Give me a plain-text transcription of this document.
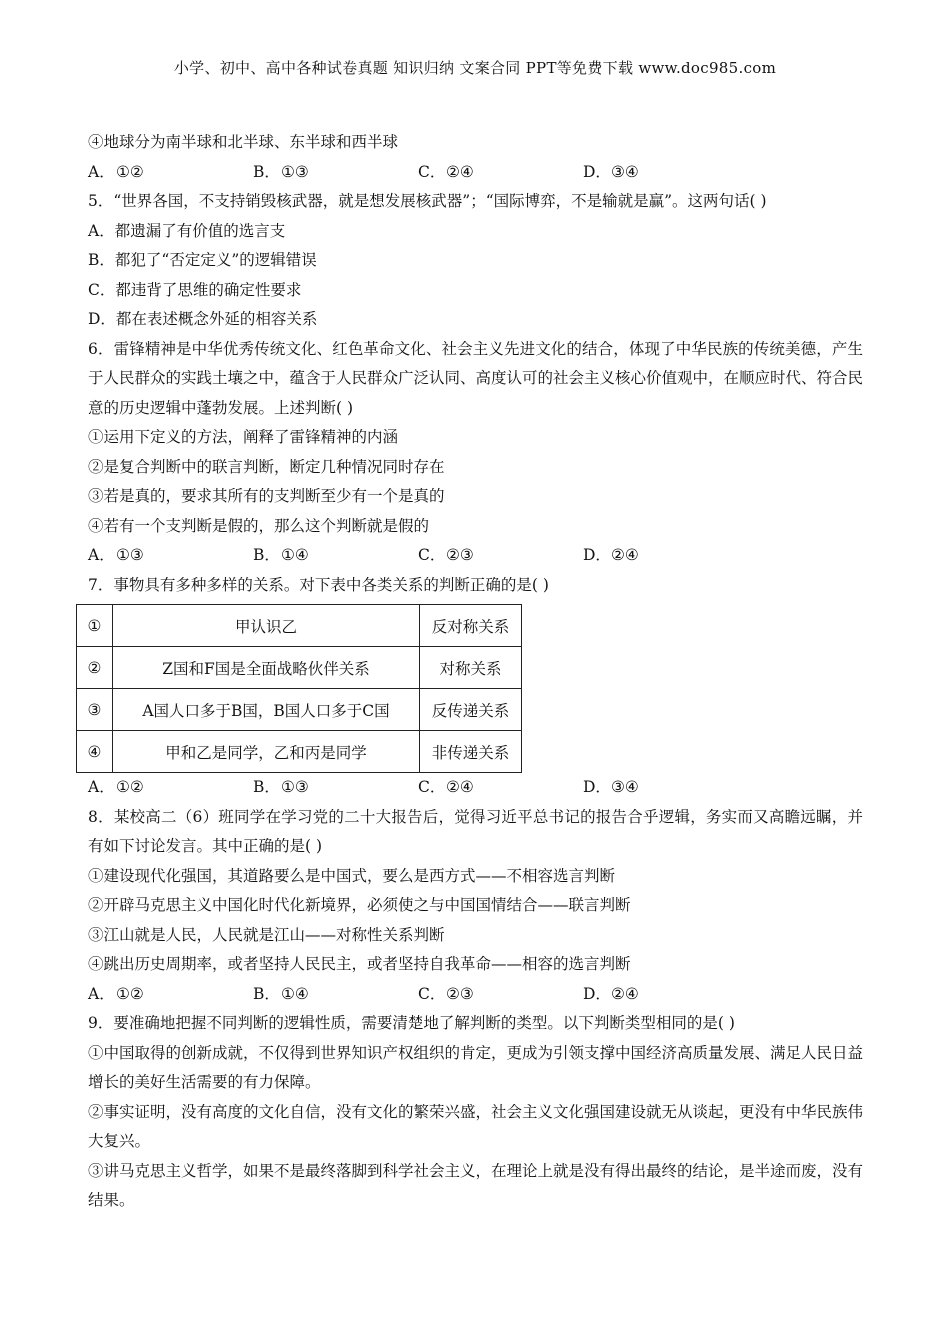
小学、初中、高中各种试卷真题 知识归纳 文案合同 PPT等免费下载 www.doc985.com
④地球分为南半球和北半球、东半球和西半球
A．①②	B．①③	C．②④	D．③④
5．“世界各国，不支持销毁核武器，就是想发展核武器”；“国际博弈，不是输就是赢”。这两句话( )
A．都遗漏了有价值的选言支
B．都犯了“否定定义”的逻辑错误
C．都违背了思维的确定性要求
D．都在表述概念外延的相容关系
6．雷锋精神是中华优秀传统文化、红色革命文化、社会主义先进文化的结合，体现了中华民族的传统美德，产生于人民群众的实践土壤之中，蕴含于人民群众广泛认同、高度认可的社会主义核心价值观中，在顺应时代、符合民意的历史逻辑中蓬勃发展。上述判断( )
①运用下定义的方法，阐释了雷锋精神的内涵
②是复合判断中的联言判断，断定几种情况同时存在
③若是真的，要求其所有的支判断至少有一个是真的
④若有一个支判断是假的，那么这个判断就是假的
A．①③	B．①④	C．②③	D．②④
7．事物具有多种多样的关系。对下表中各类关系的判断正确的是( )
①	甲认识乙	反对称关系
②	Z国和F国是全面战略伙伴关系	对称关系
③	A国人口多于B国，B国人口多于C国	反传递关系
④	甲和乙是同学，乙和丙是同学	非传递关系
A．①②	B．①③	C．②④	D．③④
8．某校高二（6）班同学在学习党的二十大报告后，觉得习近平总书记的报告合乎逻辑，务实而又高瞻远瞩，并有如下讨论发言。其中正确的是( )
①建设现代化强国，其道路要么是中国式，要么是西方式——不相容选言判断
②开辟马克思主义中国化时代化新境界，必须使之与中国国情结合——联言判断
③江山就是人民，人民就是江山——对称性关系判断
④跳出历史周期率，或者坚持人民民主，或者坚持自我革命——相容的选言判断
A．①②	B．①④	C．②③	D．②④
9．要准确地把握不同判断的逻辑性质，需要清楚地了解判断的类型。以下判断类型相同的是( )
①中国取得的创新成就，不仅得到世界知识产权组织的肯定，更成为引领支撑中国经济高质量发展、满足人民日益增长的美好生活需要的有力保障。
②事实证明，没有高度的文化自信，没有文化的繁荣兴盛，社会主义文化强国建设就无从谈起，更没有中华民族伟大复兴。
③讲马克思主义哲学，如果不是最终落脚到科学社会主义，在理论上就是没有得出最终的结论，是半途而废，没有结果。
